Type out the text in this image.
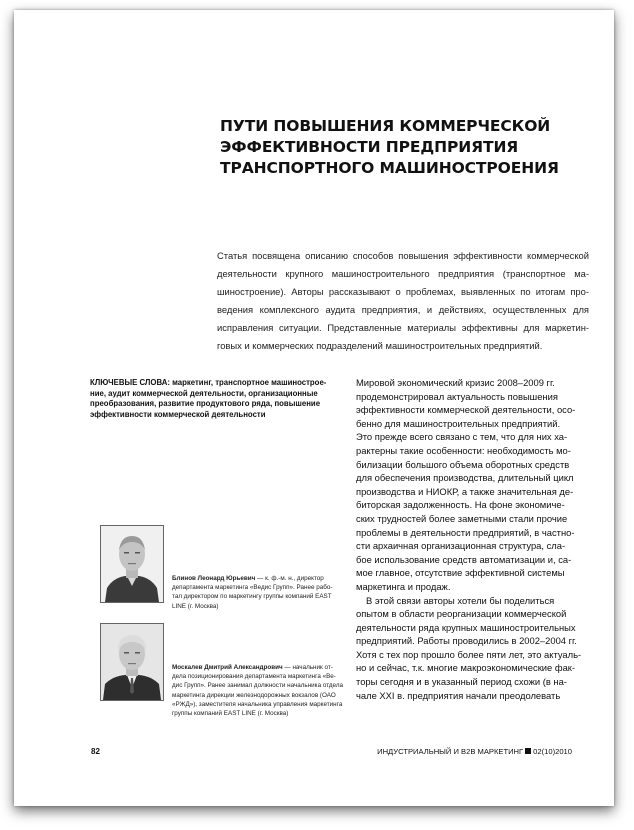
ПУТИ ПОВЫШЕНИЯ КОММЕРЧЕСКОЙ
ЭФФЕКТИВНОСТИ ПРЕДПРИЯТИЯ
ТРАНСПОРТНОГО МАШИНОСТРОЕНИЯ
Статья посвящена описанию способов повышения эффективности коммерческой
деятельности крупного машиностроительного предприятия (транспортное ма-
шиностроение). Авторы рассказывают о проблемах, выявленных по итогам про-
ведения комплексного аудита предприятия, и действиях, осуществленных для
исправления ситуации. Представленные материалы эффективны для маркетин-
говых и коммерческих подразделений машиностроительных предприятий.
КЛЮЧЕВЫЕ СЛОВА: маркетинг, транспортное машинострое-
ние, аудит коммерческой деятельности, организационные
преобразования, развитие продуктового ряда, повышение
эффективности коммерческой деятельности
Мировой экономический кризис 2008–2009 гг.
продемонстрировал актуальность повышения
эффективности коммерческой деятельности, осо-
бенно для машиностроительных предприятий.
Это прежде всего связано с тем, что для них ха-
рактерны такие особенности: необходимость мо-
билизации большого объема оборотных средств
для обеспечения производства, длительный цикл
производства и НИОКР, а также значительная де-
биторская задолженность. На фоне экономиче-
ских трудностей более заметными стали прочие
проблемы в деятельности предприятий, в частно-
сти архаичная организационная структура, сла-
бое использование средств автоматизации и, са-
мое главное, отсутствие эффективной системы
маркетинга и продаж.
В этой связи авторы хотели бы поделиться
опытом в области реорганизации коммерческой
деятельности ряда крупных машиностроительных
предприятий. Работы проводились в 2002–2004 гг.
Хотя с тех пор прошло более пяти лет, это актуаль-
но и сейчас, т.к. многие макроэкономические фак-
торы сегодня и в указанный период схожи (в на-
чале XXI в. предприятия начали преодолевать
Блинов Леонард Юрьевич — к. ф.-м. н., директор
департамента маркетинга «Ведис Групп». Ранее рабо-
тал директором по маркетингу группы компаний EAST
LINE (г. Москва)
Москалев Дмитрий Александрович — начальник от-
дела позиционирования департамента маркетинга «Ве-
дис Групп». Ранее занимал должности начальника отдела
маркетинга дирекции железнодорожных вокзалов (ОАО
«РЖД»), заместителя начальника управления маркетинга
группы компаний EAST LINE (г. Москва)
82	ИНДУСТРИАЛЬНЫЙ И B2B МАРКЕТИНГ 02(10)2010
